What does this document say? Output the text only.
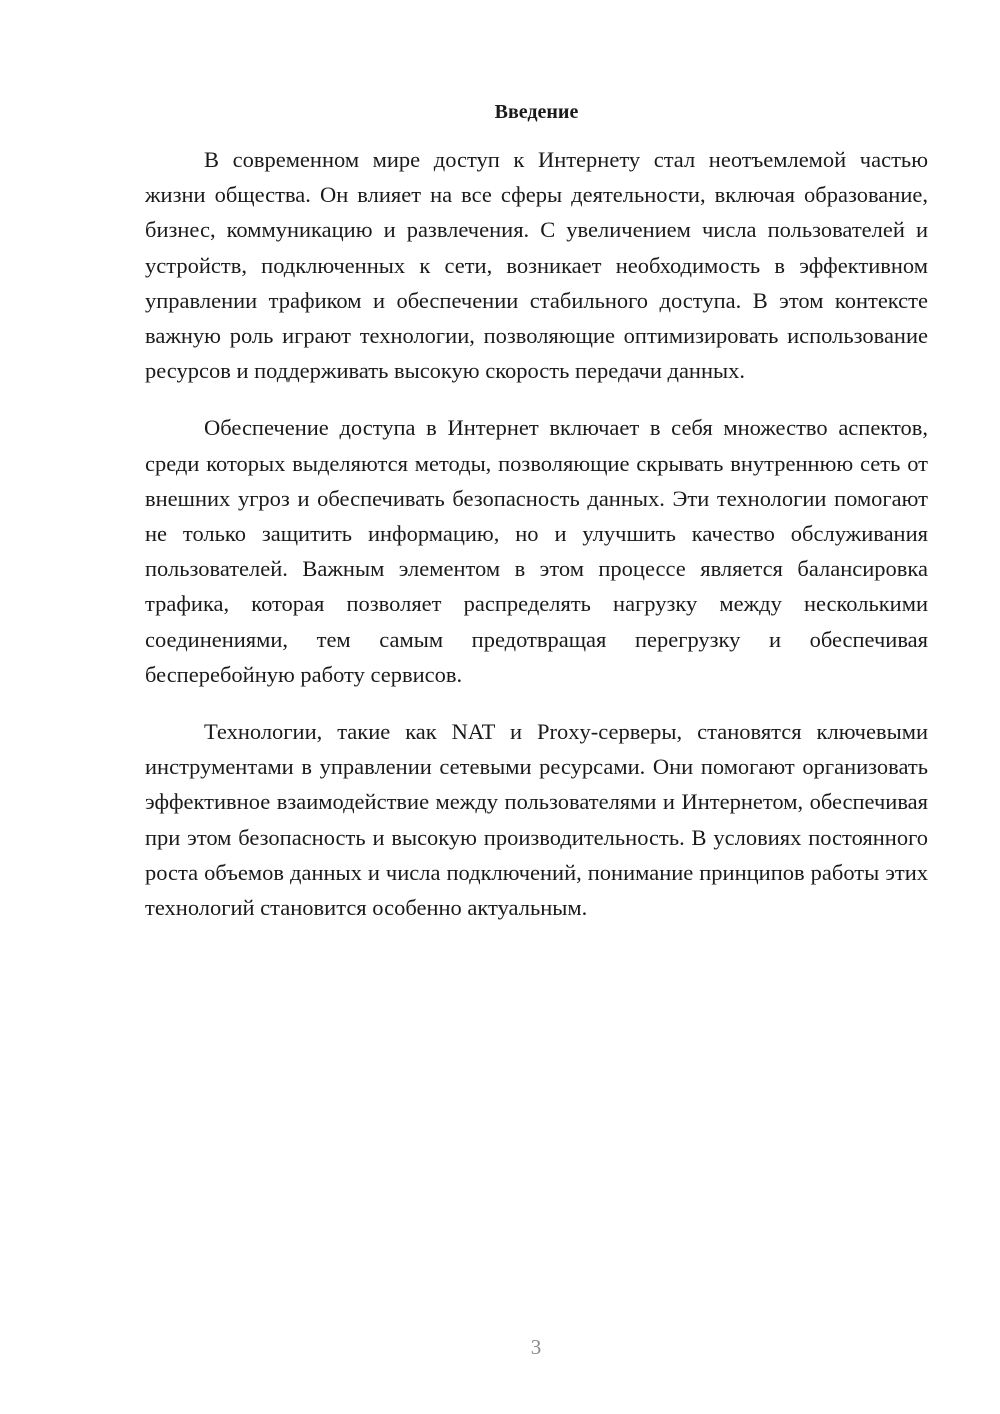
Введение

В современном мире доступ к Интернету стал неотъемлемой частью жизни общества. Он влияет на все сферы деятельности, включая образование, бизнес, коммуникацию и развлечения. С увеличением числа пользователей и устройств, подключенных к сети, возникает необходимость в эффективном управлении трафиком и обеспечении стабильного доступа. В этом контексте важную роль играют технологии, позволяющие оптимизировать использование ресурсов и поддерживать высокую скорость передачи данных.

Обеспечение доступа в Интернет включает в себя множество аспектов, среди которых выделяются методы, позволяющие скрывать внутреннюю сеть от внешних угроз и обеспечивать безопасность данных. Эти технологии помогают не только защитить информацию, но и улучшить качество обслуживания пользователей. Важным элементом в этом процессе является балансировка трафика, которая позволяет распределять нагрузку между несколькими соединениями, тем самым предотвращая перегрузку и обеспечивая бесперебойную работу сервисов.

Технологии, такие как NAT и Proxy-серверы, становятся ключевыми инструментами в управлении сетевыми ресурсами. Они помогают организовать эффективное взаимодействие между пользователями и Интернетом, обеспечивая при этом безопасность и высокую производительность. В условиях постоянного роста объемов данных и числа подключений, понимание принципов работы этих технологий становится особенно актуальным.

3
